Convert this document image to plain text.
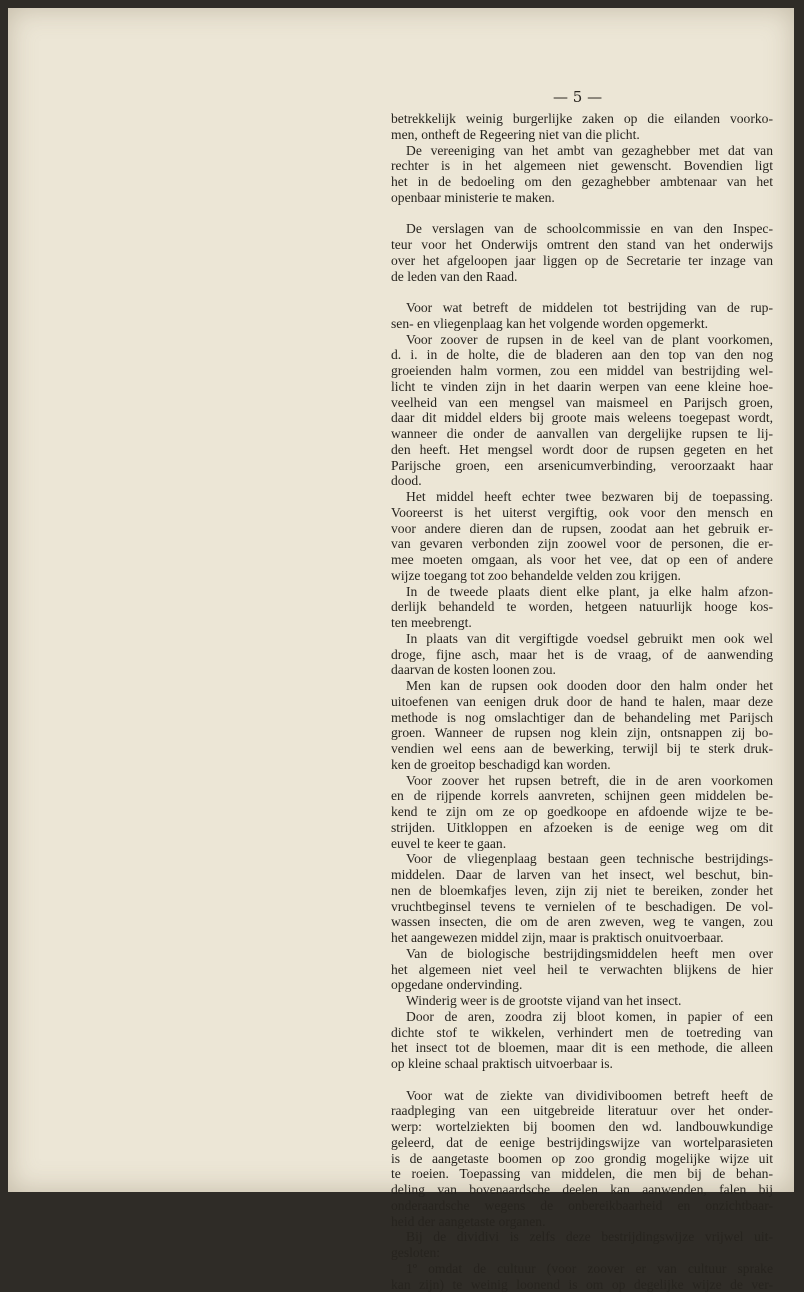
— 5 —
betrekkelijk weinig burgerlijke zaken op die eilanden voorko-
men, ontheft de Regeering niet van die plicht.
De vereeniging van het ambt van gezaghebber met dat van
rechter is in het algemeen niet gewenscht. Bovendien ligt
het in de bedoeling om den gezaghebber ambtenaar van het
openbaar ministerie te maken.
De verslagen van de schoolcommissie en van den Inspec-
teur voor het Onderwijs omtrent den stand van het onderwijs
over het afgeloopen jaar liggen op de Secretarie ter inzage van
de leden van den Raad.
Voor wat betreft de middelen tot bestrijding van de rup-
sen- en vliegenplaag kan het volgende worden opgemerkt.
Voor zoover de rupsen in de keel van de plant voorkomen,
d. i. in de holte, die de bladeren aan den top van den nog
groeienden halm vormen, zou een middel van bestrijding wel-
licht te vinden zijn in het daarin werpen van eene kleine hoe-
veelheid van een mengsel van maismeel en Parijsch groen,
daar dit middel elders bij groote mais weleens toegepast wordt,
wanneer die onder de aanvallen van dergelijke rupsen te lij-
den heeft. Het mengsel wordt door de rupsen gegeten en het
Parijsche groen, een arsenicumverbinding, veroorzaakt haar
dood.
Het middel heeft echter twee bezwaren bij de toepassing.
Vooreerst is het uiterst vergiftig, ook voor den mensch en
voor andere dieren dan de rupsen, zoodat aan het gebruik er-
van gevaren verbonden zijn zoowel voor de personen, die er-
mee moeten omgaan, als voor het vee, dat op een of andere
wijze toegang tot zoo behandelde velden zou krijgen.
In de tweede plaats dient elke plant, ja elke halm afzon-
derlijk behandeld te worden, hetgeen natuurlijk hooge kos-
ten meebrengt.
In plaats van dit vergiftigde voedsel gebruikt men ook wel
droge, fijne asch, maar het is de vraag, of de aanwending
daarvan de kosten loonen zou.
Men kan de rupsen ook dooden door den halm onder het
uitoefenen van eenigen druk door de hand te halen, maar deze
methode is nog omslachtiger dan de behandeling met Parijsch
groen. Wanneer de rupsen nog klein zijn, ontsnappen zij bo-
vendien wel eens aan de bewerking, terwijl bij te sterk druk-
ken de groeitop beschadigd kan worden.
Voor zoover het rupsen betreft, die in de aren voorkomen
en de rijpende korrels aanvreten, schijnen geen middelen be-
kend te zijn om ze op goedkoope en afdoende wijze te be-
strijden. Uitkloppen en afzoeken is de eenige weg om dit
euvel te keer te gaan.
Voor de vliegenplaag bestaan geen technische bestrijdings-
middelen. Daar de larven van het insect, wel beschut, bin-
nen de bloemkafjes leven, zijn zij niet te bereiken, zonder het
vruchtbeginsel tevens te vernielen of te beschadigen. De vol-
wassen insecten, die om de aren zweven, weg te vangen, zou
het aangewezen middel zijn, maar is praktisch onuitvoerbaar.
Van de biologische bestrijdingsmiddelen heeft men over
het algemeen niet veel heil te verwachten blijkens de hier
opgedane ondervinding.
Winderig weer is de grootste vijand van het insect.
Door de aren, zoodra zij bloot komen, in papier of een
dichte stof te wikkelen, verhindert men de toetreding van
het insect tot de bloemen, maar dit is een methode, die alleen
op kleine schaal praktisch uitvoerbaar is.
Voor wat de ziekte van dividiviboomen betreft heeft de
raadpleging van een uitgebreide literatuur over het onder-
werp: wortelziekten bij boomen den wd. landbouwkundige
geleerd, dat de eenige bestrijdingswijze van wortelparasieten
is de aangetaste boomen op zoo grondig mogelijke wijze uit
te roeien. Toepassing van middelen, die men bij de behan-
deling van bovenaardsche deelen kan aanwenden, falen bij
onderaardsche wegens de onbereikbaarheid en onzichtbaar-
heid der aangetaste organen.
Bij de dividivi is zelfs deze bestrijdingswijze vrijwel uit-
gesloten:
1º omdat de cultuur (voor zoover er van cultuur sprake
kan zijn) te weinig loonend is om op degelijke wijze de ver-
